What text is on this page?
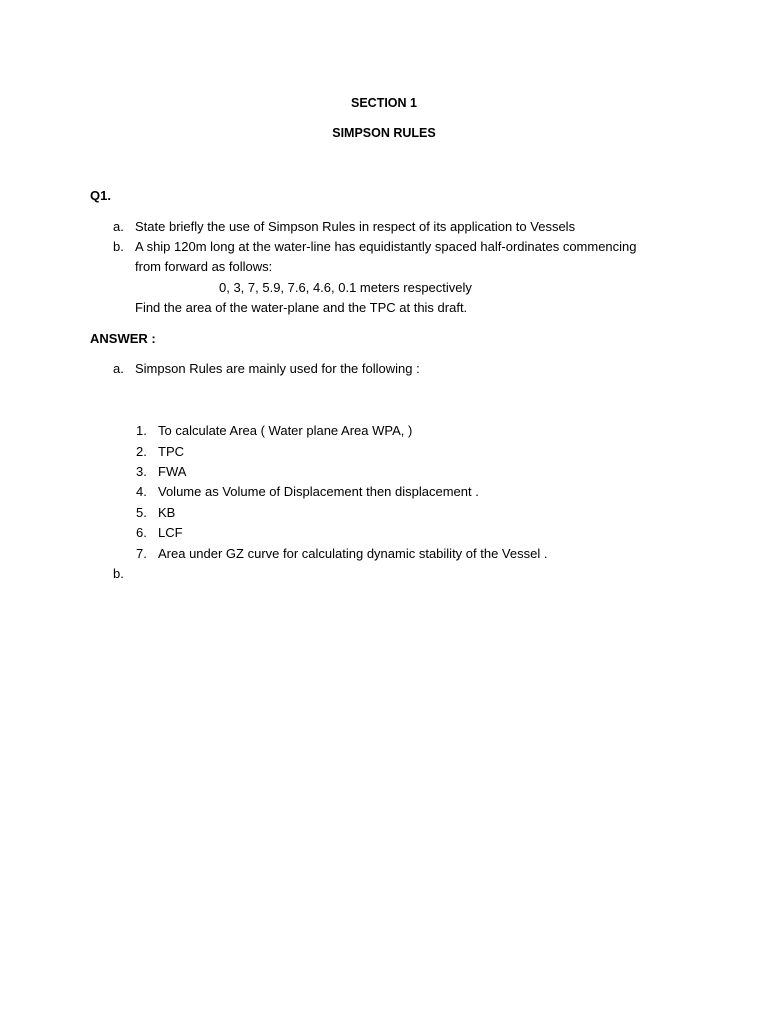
SECTION 1
SIMPSON RULES
Q1.
a. State briefly the use of Simpson Rules in respect of its application to Vessels
b. A ship 120m long at the water-line has equidistantly spaced half-ordinates commencing
from forward as follows:
0, 3, 7, 5.9, 7.6, 4.6, 0.1 meters respectively
Find the area of the water-plane and the TPC at this draft.
ANSWER :
a. Simpson Rules are mainly used for the following :
1. To calculate Area ( Water plane Area WPA, )
2. TPC
3. FWA
4. Volume as Volume of Displacement then displacement .
5. KB
6. LCF
7. Area under GZ curve for calculating dynamic stability of the Vessel .
b.
